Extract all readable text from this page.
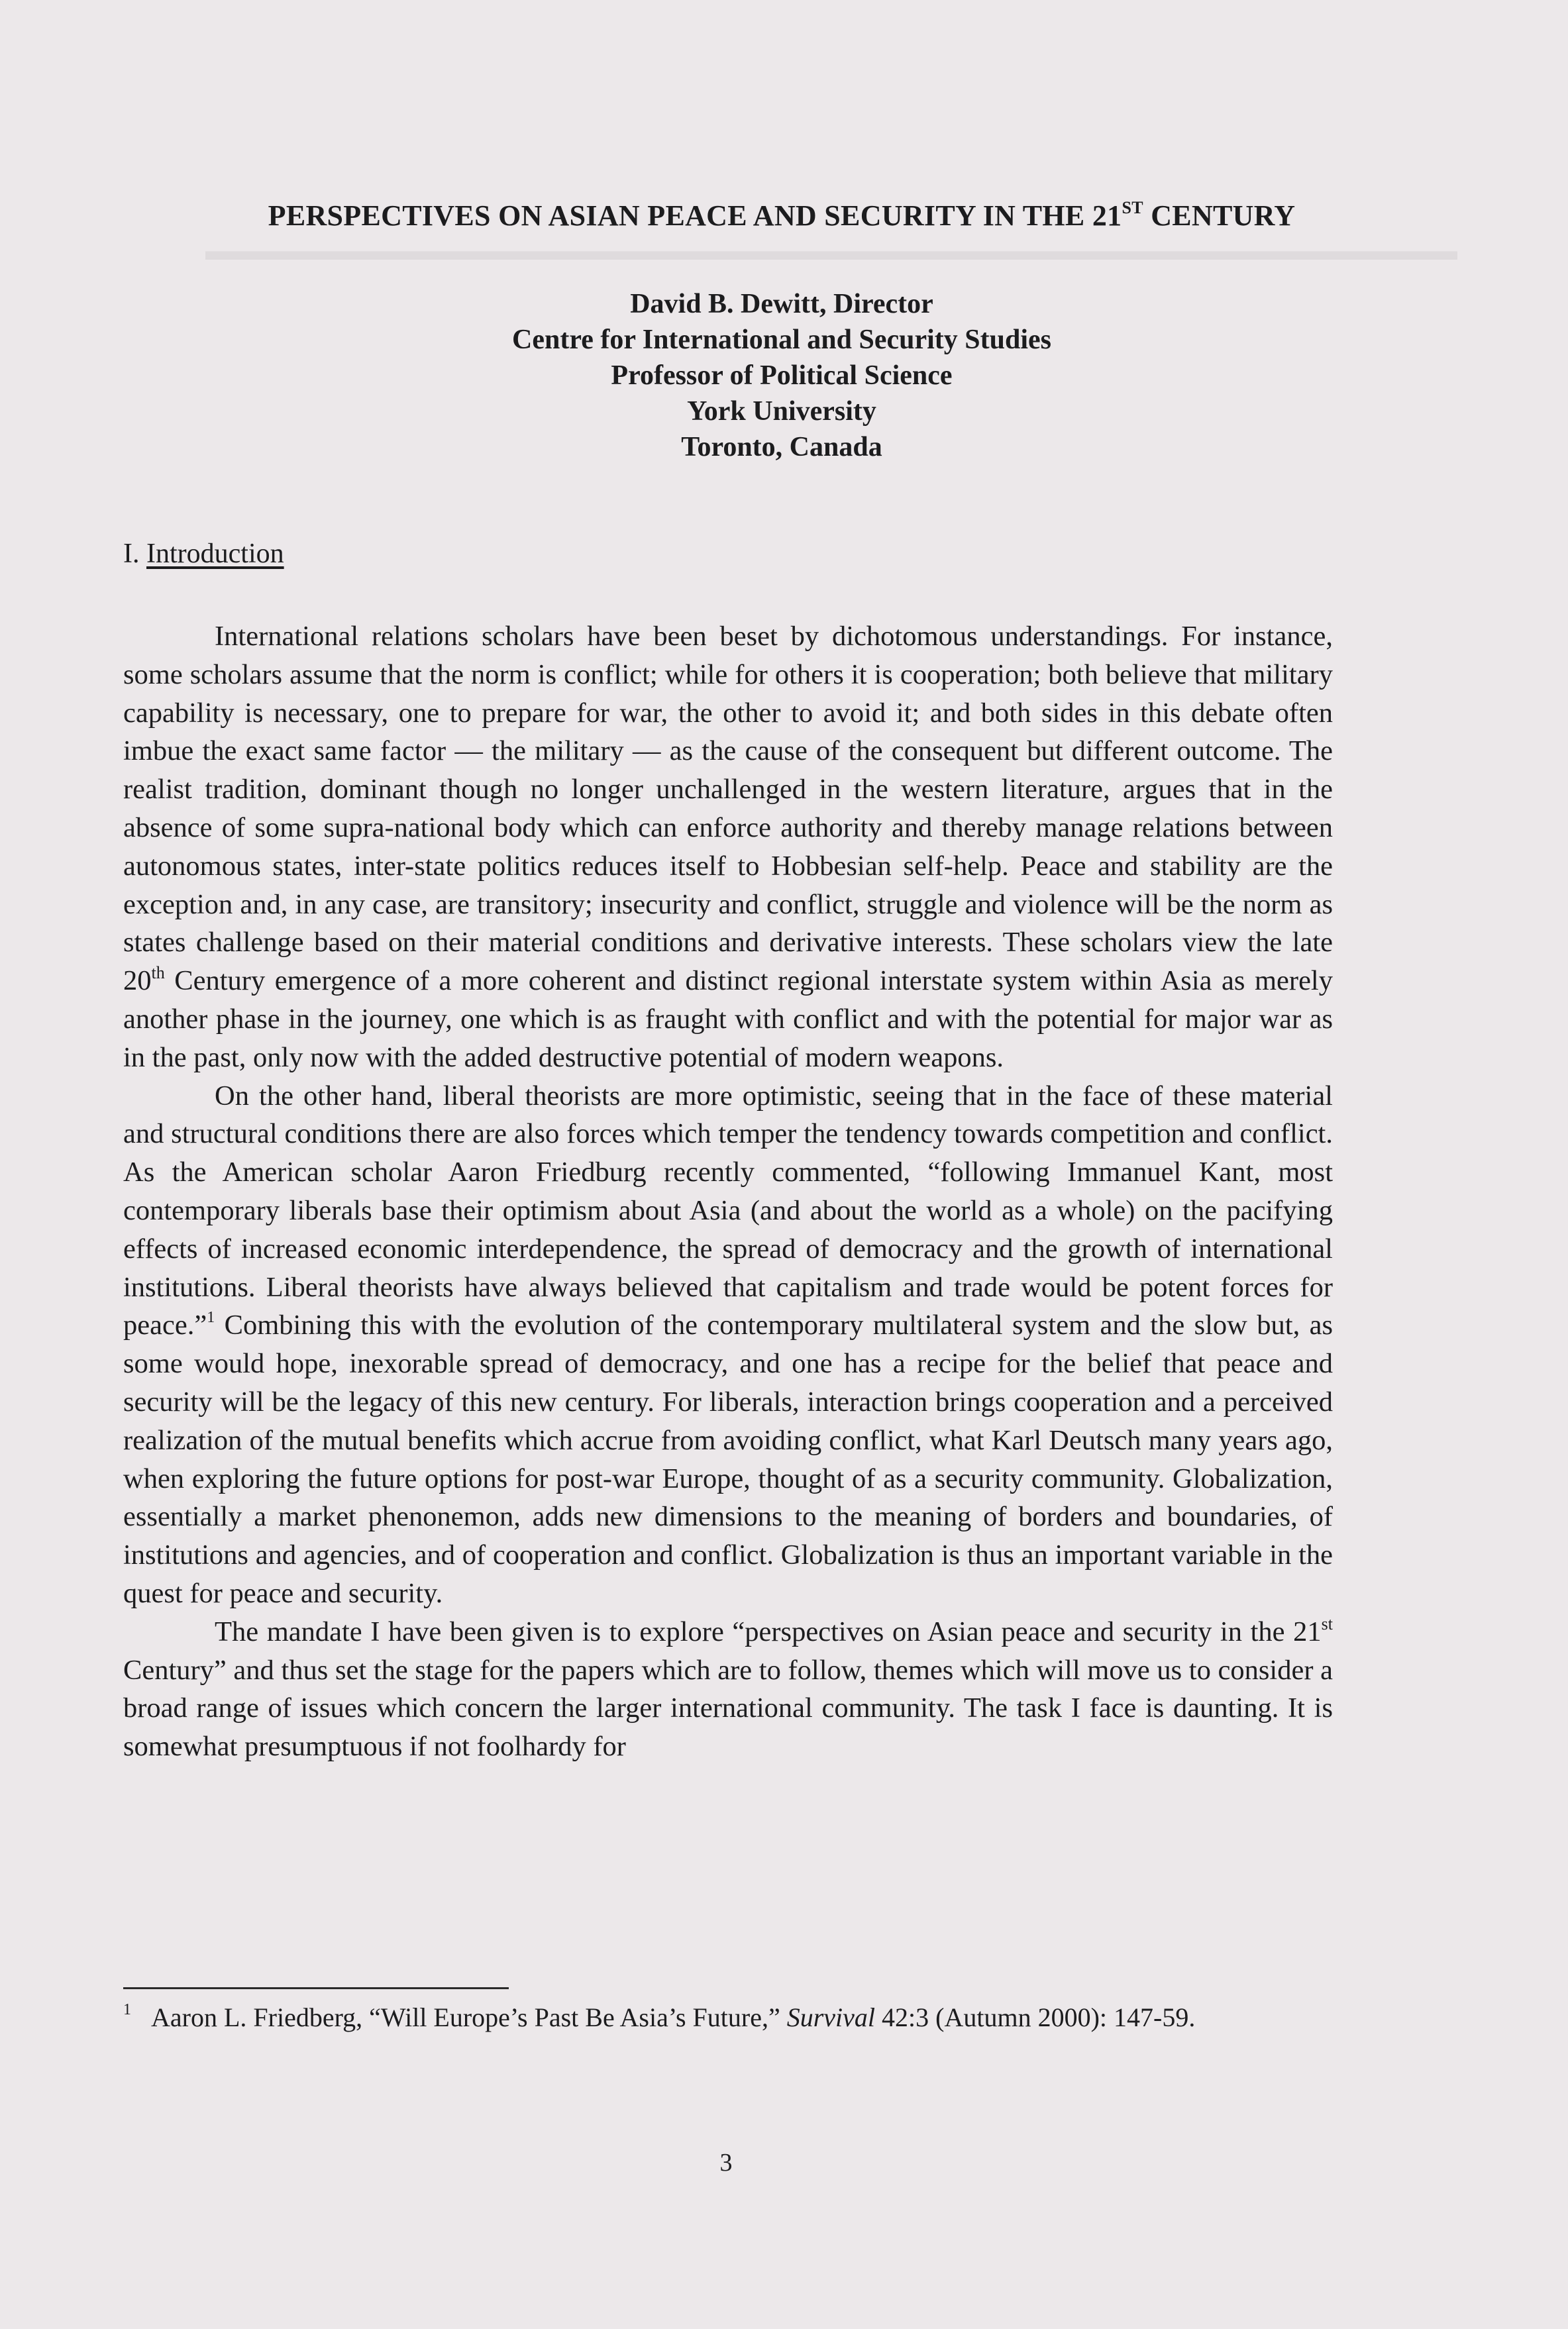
▬▬▬▬▬▬▬▬▬▬▬▬▬▬▬▬▬▬▬▬▬▬▬▬▬▬▬▬▬▬▬▬▬▬▬▬▬▬▬▬▬▬▬▬▬
PERSPECTIVES ON ASIAN PEACE AND SECURITY IN THE 21ST CENTURY
David B. Dewitt, Director
Centre for International and Security Studies
Professor of Political Science
York University
Toronto, Canada
I. Introduction

International relations scholars have been beset by dichotomous understandings. For instance, some scholars assume that the norm is conflict; while for others it is cooperation; both believe that military capability is necessary, one to prepare for war, the other to avoid it; and both sides in this debate often imbue the exact same factor — the military — as the cause of the consequent but different outcome. The realist tradition, dominant though no longer unchallenged in the western literature, argues that in the absence of some supra-national body which can enforce authority and thereby manage relations between autonomous states, inter-state politics reduces itself to Hobbesian self-help. Peace and stability are the exception and, in any case, are transitory; insecurity and conflict, struggle and violence will be the norm as states challenge based on their material conditions and derivative interests. These scholars view the late 20th Century emergence of a more coherent and distinct regional interstate system within Asia as merely another phase in the journey, one which is as fraught with conflict and with the potential for major war as in the past, only now with the added destructive potential of modern weapons.

On the other hand, liberal theorists are more optimistic, seeing that in the face of these material and structural conditions there are also forces which temper the tendency towards competition and conflict. As the American scholar Aaron Friedburg recently commented, “following Immanuel Kant, most contemporary liberals base their optimism about Asia (and about the world as a whole) on the pacifying effects of increased economic interdependence, the spread of democracy and the growth of international institutions. Liberal theorists have always believed that capitalism and trade would be potent forces for peace.”$^1$ Combining this with the evolution of the contemporary multilateral system and the slow but, as some would hope, inexorable spread of democracy, and one has a recipe for the belief that peace and security will be the legacy of this new century. For liberals, interaction brings cooperation and a perceived realization of the mutual benefits which accrue from avoiding conflict, what Karl Deutsch many years ago, when exploring the future options for post-war Europe, thought of as a security community. Globalization, essentially a market phenonemon, adds new dimensions to the meaning of borders and boundaries, of institutions and agencies, and of cooperation and conflict. Globalization is thus an important variable in the quest for peace and security.

The mandate I have been given is to explore “perspectives on Asian peace and security in the 21st Century” and thus set the stage for the papers which are to follow, themes which will move us to consider a broad range of issues which concern the larger international community. The task I face is daunting. It is somewhat presumptuous if not foolhardy for

$^1$ Aaron L. Friedberg, “Will Europe’s Past Be Asia’s Future,” Survival 42:3 (Autumn 2000): 147-59.
3
